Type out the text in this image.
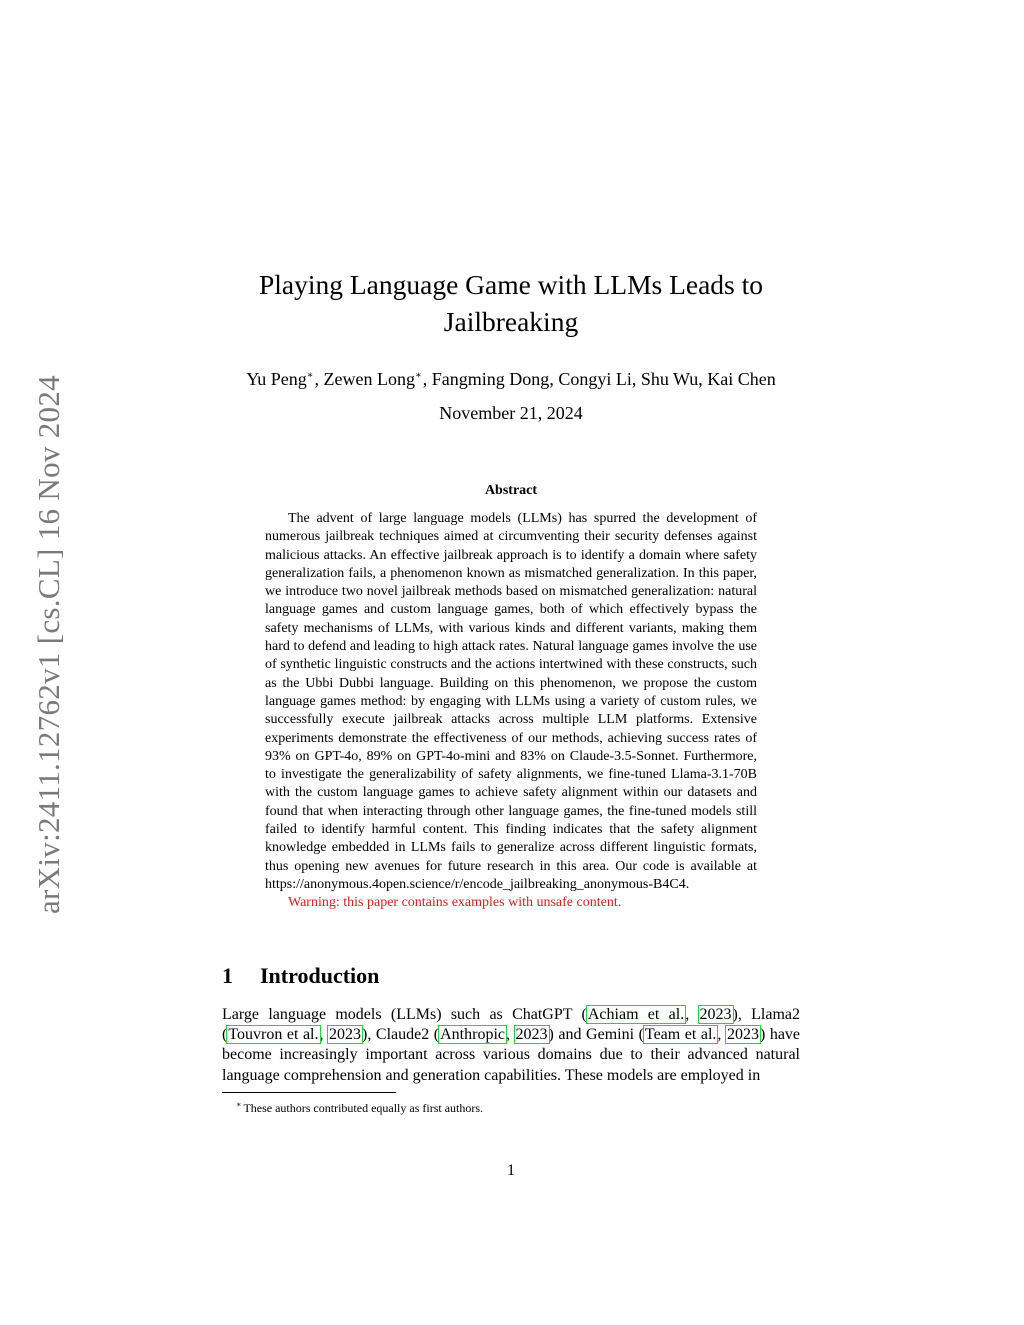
arXiv:2411.12762v1 [cs.CL] 16 Nov 2024
Playing Language Game with LLMs Leads to Jailbreaking
Yu Peng∗, Zewen Long∗, Fangming Dong, Congyi Li, Shu Wu, Kai Chen
November 21, 2024
Abstract

The advent of large language models (LLMs) has spurred the development of numerous jailbreak techniques aimed at circumventing their security defenses against malicious attacks. An effective jailbreak approach is to identify a domain where safety generalization fails, a phenomenon known as mismatched generalization. In this paper, we introduce two novel jailbreak methods based on mismatched generalization: natural language games and custom language games, both of which effectively bypass the safety mechanisms of LLMs, with various kinds and different variants, making them hard to defend and leading to high attack rates. Natural language games involve the use of synthetic linguistic constructs and the actions intertwined with these constructs, such as the Ubbi Dubbi language. Building on this phenomenon, we propose the custom language games method: by engaging with LLMs using a variety of custom rules, we successfully execute jailbreak attacks across multiple LLM platforms. Extensive experiments demonstrate the effectiveness of our methods, achieving success rates of 93% on GPT-4o, 89% on GPT-4o-mini and 83% on Claude-3.5-Sonnet. Furthermore, to investigate the generalizability of safety alignments, we fine-tuned Llama-3.1-70B with the custom language games to achieve safety alignment within our datasets and found that when interacting through other language games, the fine-tuned models still failed to identify harmful content. This finding indicates that the safety alignment knowledge embedded in LLMs fails to generalize across different linguistic formats, thus opening new avenues for future research in this area. Our code is available at https://anonymous.4open.science/r/encode_jailbreaking_anonymous-B4C4.
Warning: this paper contains examples with unsafe content.

1 Introduction

Large language models (LLMs) such as ChatGPT (Achiam et al., 2023), Llama2 (Touvron et al., 2023), Claude2 (Anthropic, 2023) and Gemini (Team et al., 2023) have become increasingly important across various domains due to their advanced natural language comprehension and generation capabilities. These models are employed in

∗ These authors contributed equally as first authors.
1
